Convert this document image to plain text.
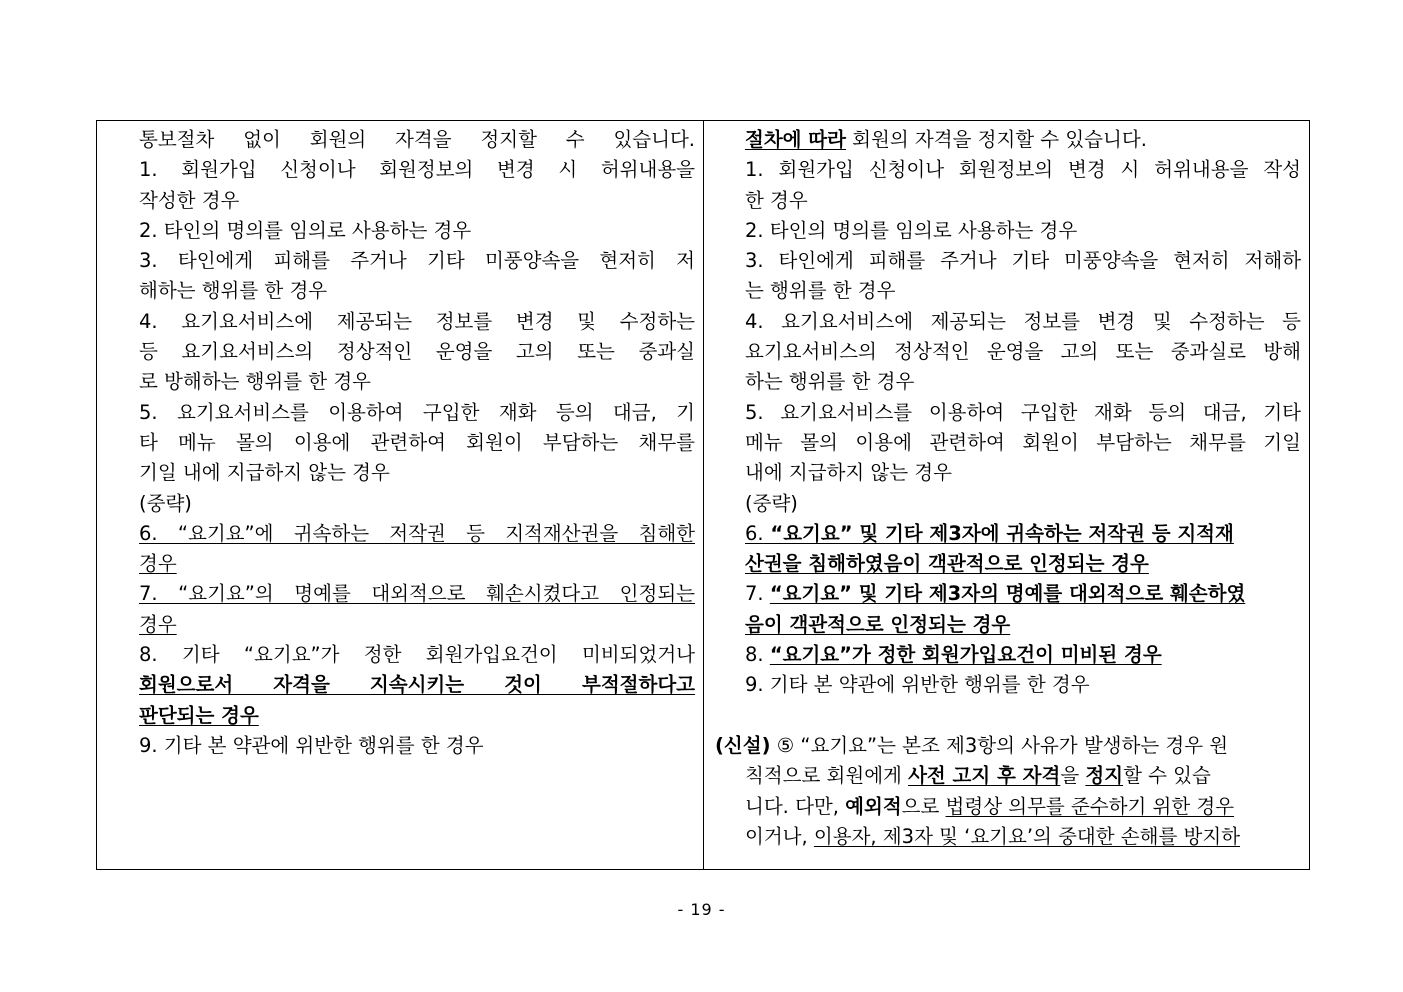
통보절차 없이 회원의 자격을 정지할 수 있습니다.
1. 회원가입 신청이나 회원정보의 변경 시 허위내용을
작성한 경우
2. 타인의 명의를 임의로 사용하는 경우
3. 타인에게 피해를 주거나 기타 미풍양속을 현저히 저
해하는 행위를 한 경우
4. 요기요서비스에 제공되는 정보를 변경 및 수정하는
등 요기요서비스의 정상적인 운영을 고의 또는 중과실
로 방해하는 행위를 한 경우
5. 요기요서비스를 이용하여 구입한 재화 등의 대금, 기
타 메뉴 몰의 이용에 관련하여 회원이 부담하는 채무를
기일 내에 지급하지 않는 경우
(중략)
6. “요기요”에 귀속하는 저작권 등 지적재산권을 침해한
경우
7. “요기요”의 명예를 대외적으로 훼손시켰다고 인정되는
경우
8. 기타 “요기요”가 정한 회원가입요건이 미비되었거나
회원으로서 자격을 지속시키는 것이 부적절하다고
판단되는 경우
9. 기타 본 약관에 위반한 행위를 한 경우
절차에 따라 회원의 자격을 정지할 수 있습니다.
1. 회원가입 신청이나 회원정보의 변경 시 허위내용을 작성
한 경우
2. 타인의 명의를 임의로 사용하는 경우
3. 타인에게 피해를 주거나 기타 미풍양속을 현저히 저해하
는 행위를 한 경우
4. 요기요서비스에 제공되는 정보를 변경 및 수정하는 등
요기요서비스의 정상적인 운영을 고의 또는 중과실로 방해
하는 행위를 한 경우
5. 요기요서비스를 이용하여 구입한 재화 등의 대금, 기타
메뉴 몰의 이용에 관련하여 회원이 부담하는 채무를 기일
내에 지급하지 않는 경우
(중략)
6. “요기요” 및 기타 제3자에 귀속하는 저작권 등 지적재
산권을 침해하였음이 객관적으로 인정되는 경우
7. “요기요” 및 기타 제3자의 명예를 대외적으로 훼손하였
음이 객관적으로 인정되는 경우
8. “요기요”가 정한 회원가입요건이 미비된 경우
9. 기타 본 약관에 위반한 행위를 한 경우
(신설) ⑤ “요기요”는 본조 제3항의 사유가 발생하는 경우 원
칙적으로 회원에게 사전 고지 후 자격을 정지할 수 있습
니다. 다만, 예외적으로 법령상 의무를 준수하기 위한 경우
이거나, 이용자, 제3자 및 ‘요기요’의 중대한 손해를 방지하
- 19 -
